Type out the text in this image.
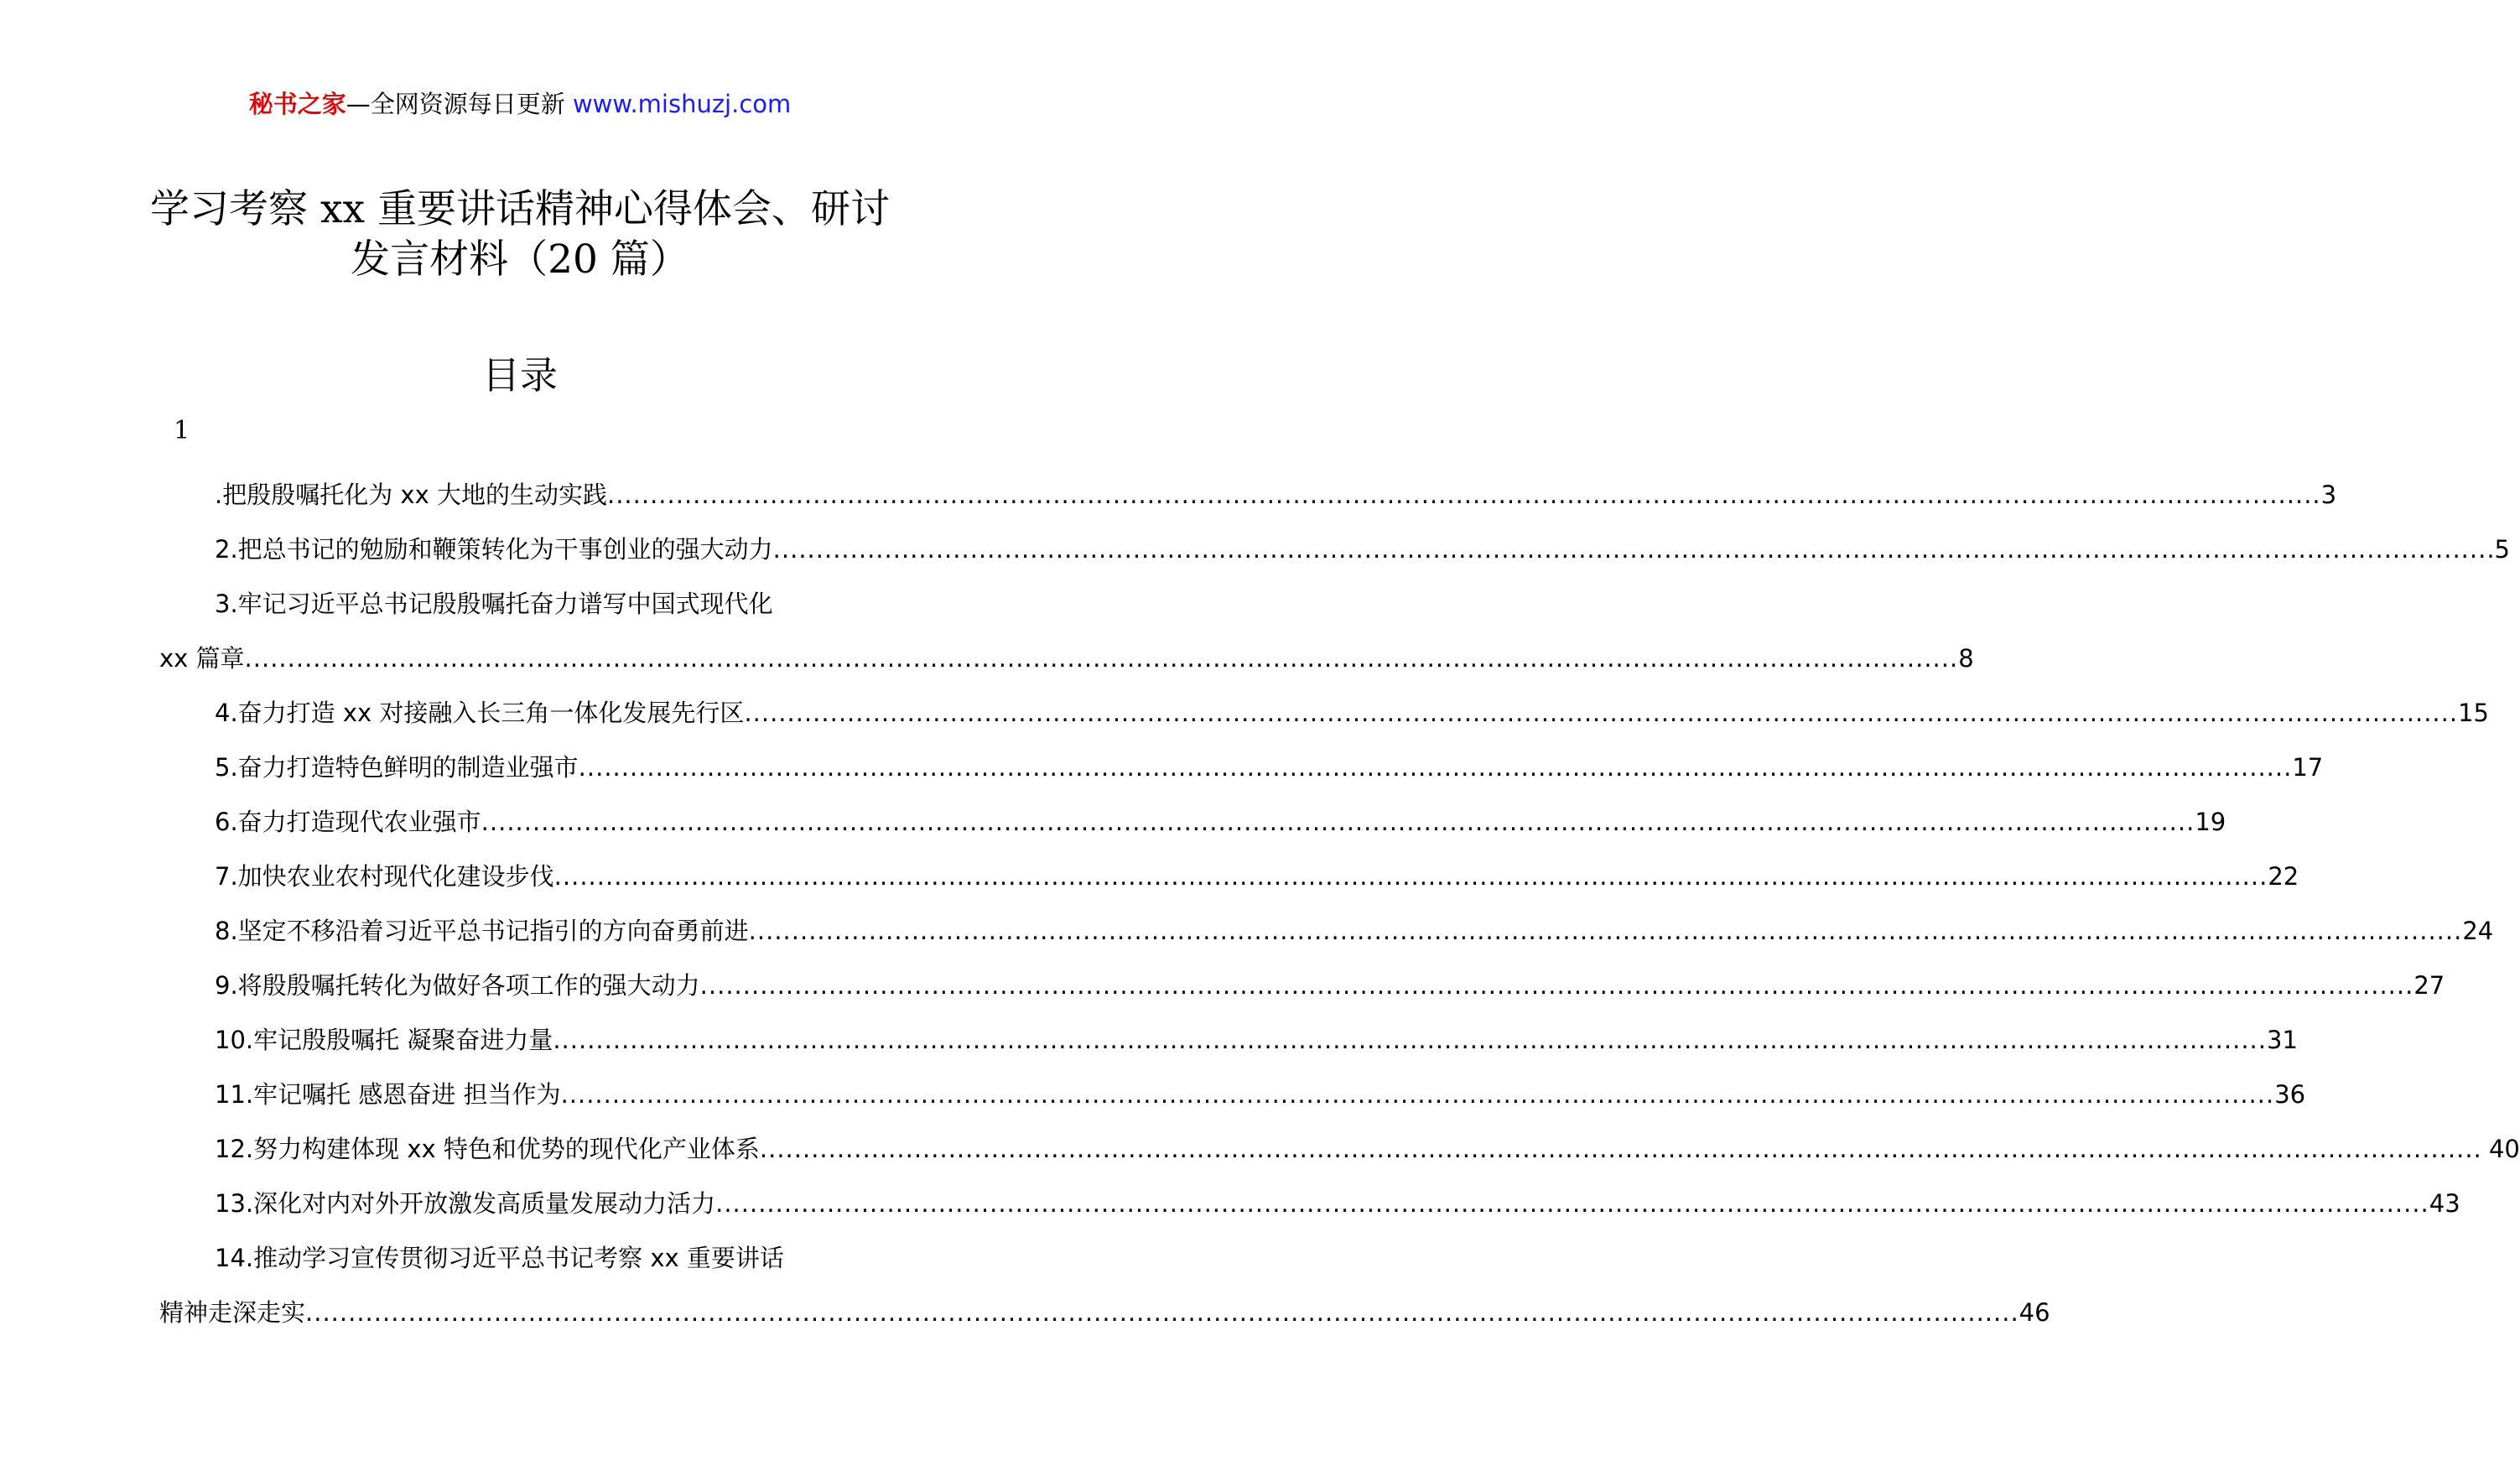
秘书之家—全网资源每日更新 www.mishuzj.com
学习考察 xx 重要讲话精神心得体会、研讨
发言材料（20 篇）
目录
1
.把殷殷嘱托化为 xx 大地的生动实践 ........................................................................................................................................................................................................ 3
2.把总书记的勉励和鞭策转化为干事创业的强大动力 ........................................................................................................................................................................................................ .5
3.牢记习近平总书记殷殷嘱托奋力谱写中国式现代化
xx 篇章 ........................................................................................................................................................................................................ 8
4.奋力打造 xx 对接融入长三角一体化发展先行区 ........................................................................................................................................................................................................ 15
5.奋力打造特色鲜明的制造业强市 ........................................................................................................................................................................................................ 17
6.奋力打造现代农业强市 ........................................................................................................................................................................................................ 19
7.加快农业农村现代化建设步伐 ........................................................................................................................................................................................................ 22
8.坚定不移沿着习近平总书记指引的方向奋勇前进 ........................................................................................................................................................................................................ 24
9.将殷殷嘱托转化为做好各项工作的强大动力 ........................................................................................................................................................................................................ 27
10.牢记殷殷嘱托 凝聚奋进力量 ........................................................................................................................................................................................................ 31
11.牢记嘱托 感恩奋进 担当作为 ........................................................................................................................................................................................................ 36
12.努力构建体现 xx 特色和优势的现代化产业体系 ........................................................................................................................................................................................................ . 40
13.深化对内对外开放激发高质量发展动力活力 ........................................................................................................................................................................................................ 43
14.推动学习宣传贯彻习近平总书记考察 xx 重要讲话
精神走深走实 ........................................................................................................................................................................................................ 46
